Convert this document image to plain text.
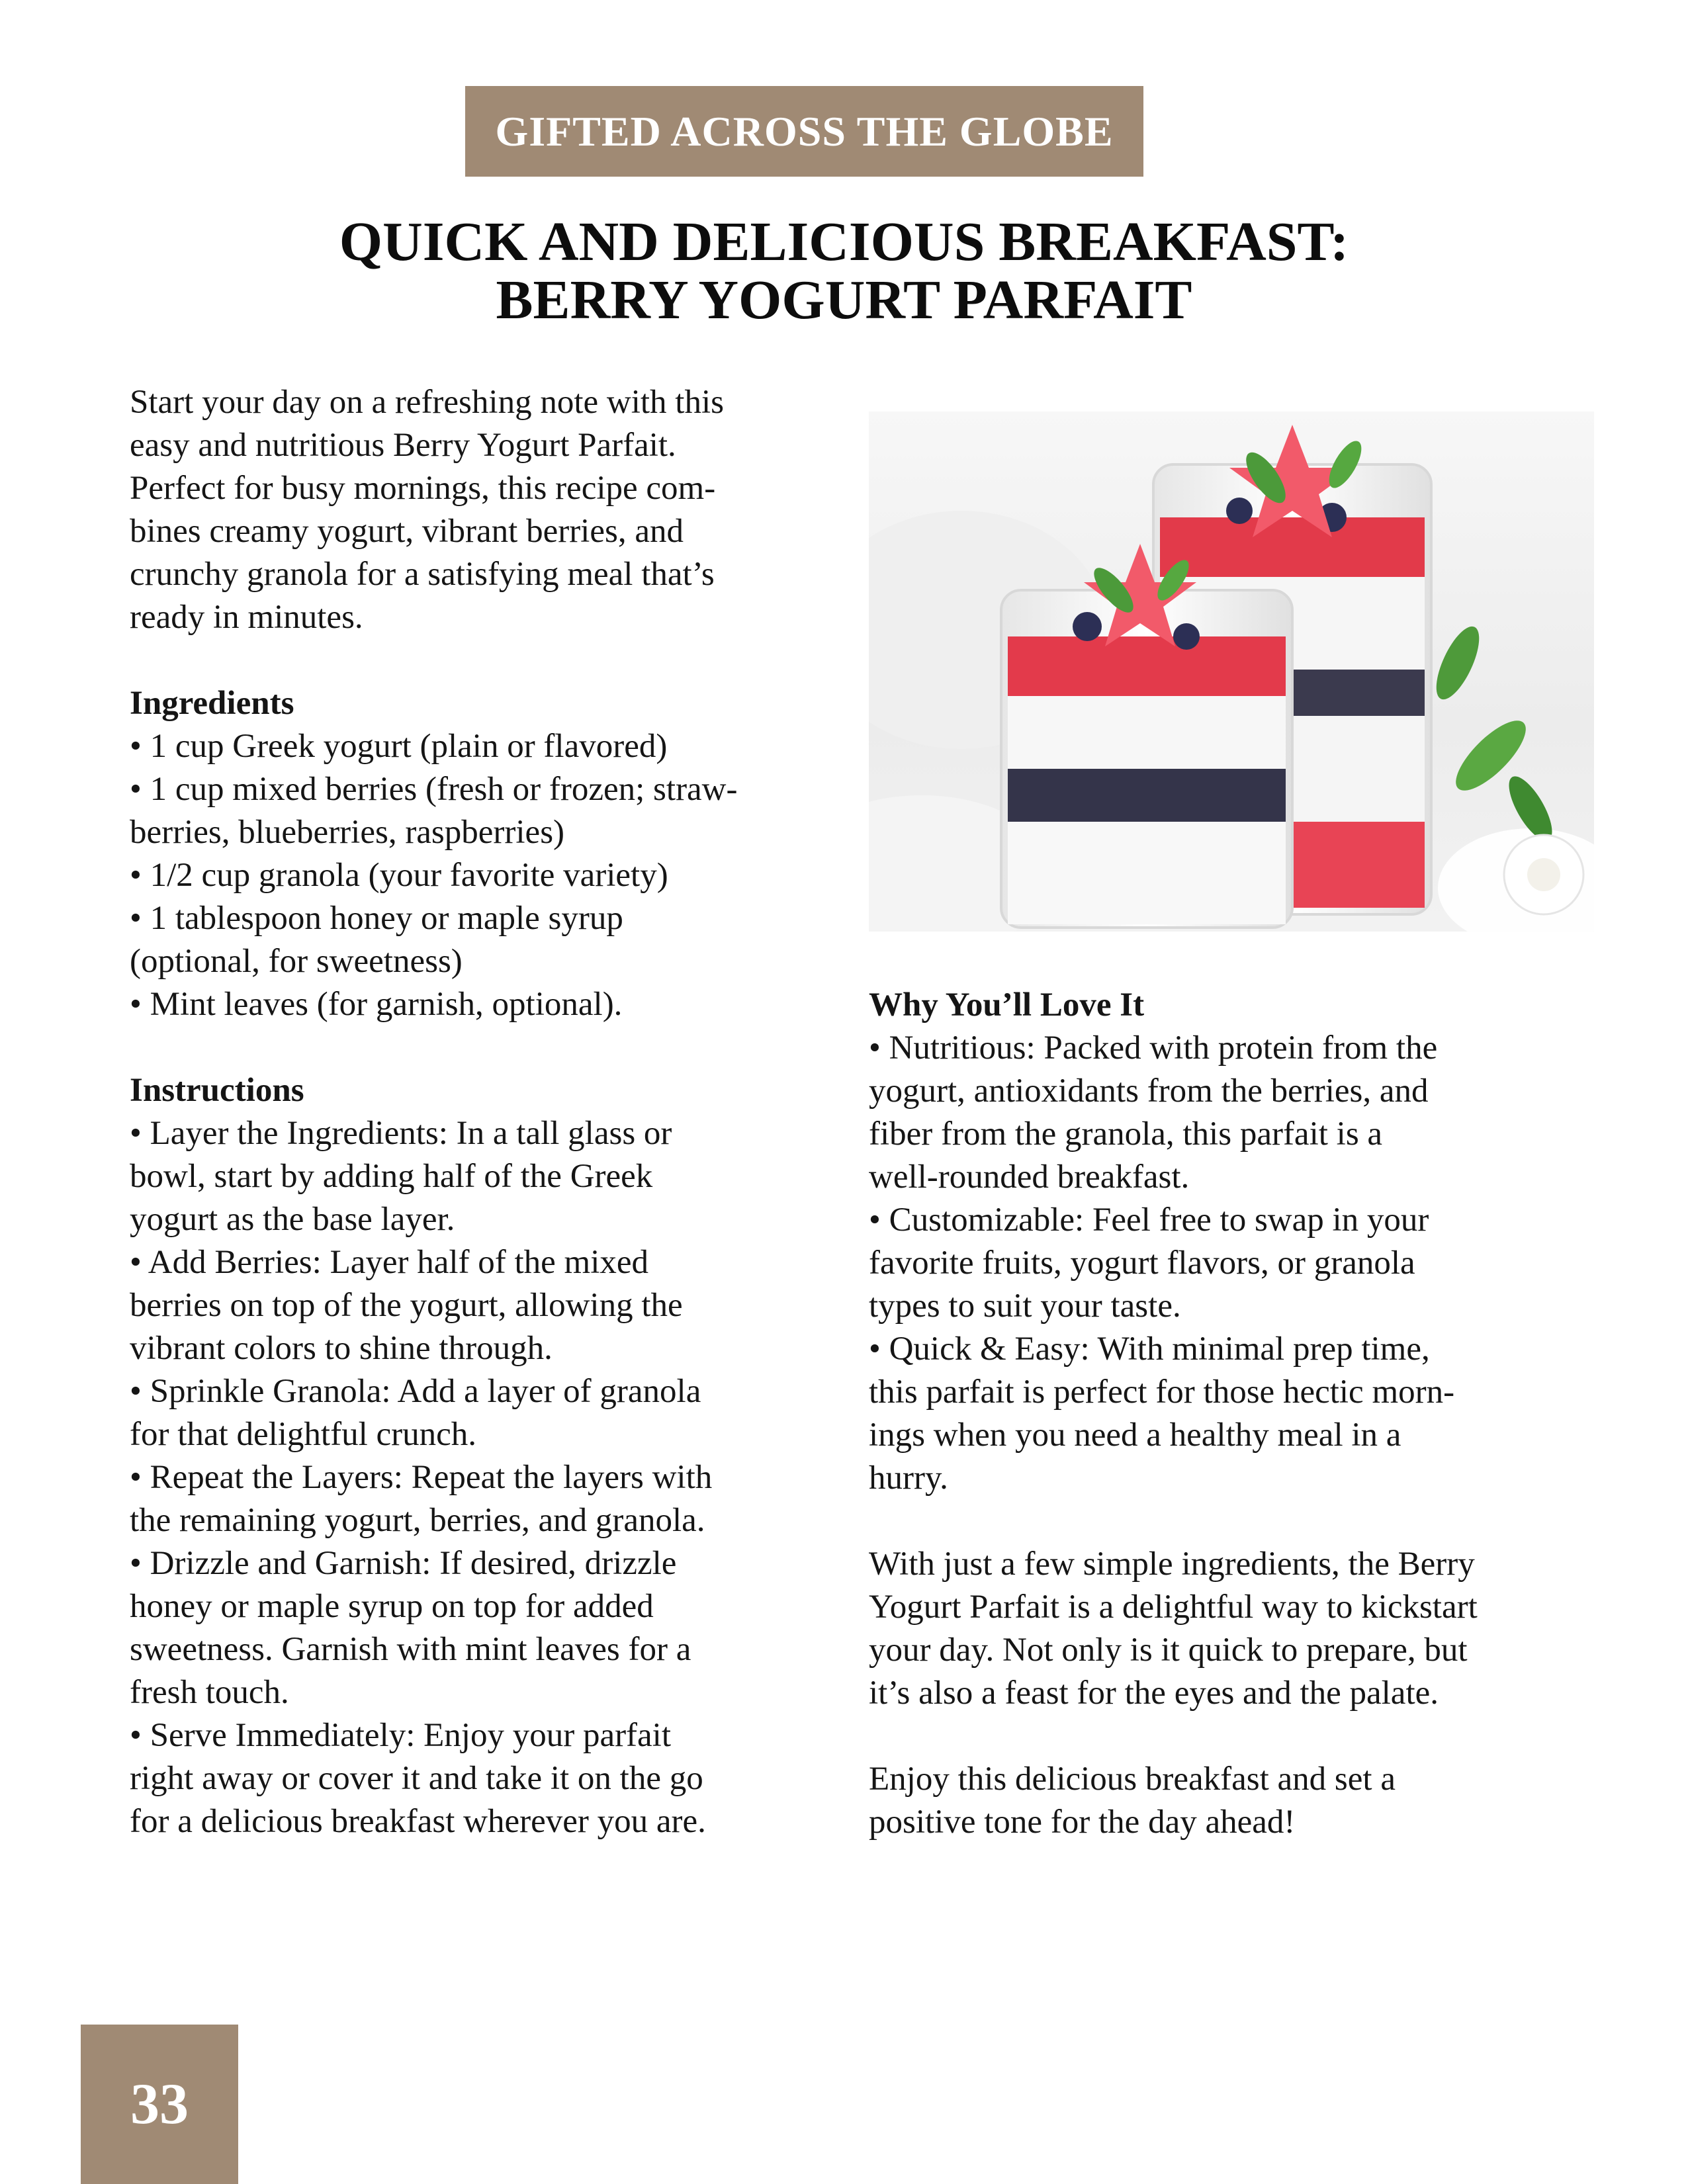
GIFTED ACROSS THE GLOBE
QUICK AND DELICIOUS BREAKFAST:
BERRY YOGURT PARFAIT

Start your day on a refreshing note with this

easy and nutritious Berry Yogurt Parfait.

Perfect for busy mornings, this recipe com-

bines creamy yogurt, vibrant berries, and

crunchy granola for a satisfying meal that’s

ready in minutes.

Ingredients

• 1 cup Greek yogurt (plain or flavored)

• 1 cup mixed berries (fresh or frozen; straw-

berries, blueberries, raspberries)

• 1/2 cup granola (your favorite variety)

• 1 tablespoon honey or maple syrup

(optional, for sweetness)

• Mint leaves (for garnish, optional).

Instructions

• Layer the Ingredients: In a tall glass or

bowl, start by adding half of the Greek

yogurt as the base layer.

• Add Berries: Layer half of the mixed

berries on top of the yogurt, allowing the

vibrant colors to shine through.

• Sprinkle Granola: Add a layer of granola

for that delightful crunch.

• Repeat the Layers: Repeat the layers with

the remaining yogurt, berries, and granola.

• Drizzle and Garnish: If desired, drizzle

honey or maple syrup on top for added

sweetness. Garnish with mint leaves for a

fresh touch.

• Serve Immediately: Enjoy your parfait

right away or cover it and take it on the go

for a delicious breakfast wherever you are.

Why You’ll Love It

• Nutritious: Packed with protein from the

yogurt, antioxidants from the berries, and

fiber from the granola, this parfait is a

well-rounded breakfast.

• Customizable: Feel free to swap in your

favorite fruits, yogurt flavors, or granola

types to suit your taste.

• Quick & Easy: With minimal prep time,

this parfait is perfect for those hectic morn-

ings when you need a healthy meal in a

hurry.

With just a few simple ingredients, the Berry

Yogurt Parfait is a delightful way to kickstart

your day. Not only is it quick to prepare, but

it’s also a feast for the eyes and the palate.

Enjoy this delicious breakfast and set a

positive tone for the day ahead!

33
